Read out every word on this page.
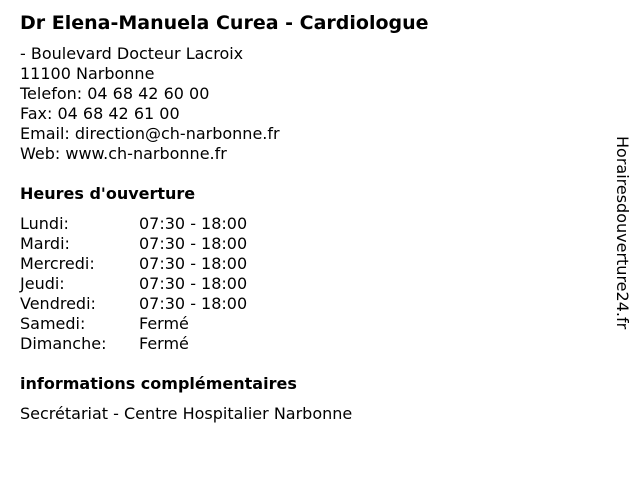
Dr Elena-Manuela Curea - Cardiologue
- Boulevard Docteur Lacroix
11100 Narbonne
Telefon: 04 68 42 60 00
Fax: 04 68 42 61 00
Email: direction@ch-narbonne.fr
Web: www.ch-narbonne.fr
Heures d'ouverture
Lundi:	07:30 - 18:00
Mardi:	07:30 - 18:00
Mercredi:	07:30 - 18:00
Jeudi:	07:30 - 18:00
Vendredi:	07:30 - 18:00
Samedi:	Fermé
Dimanche: Fermé
informations complémentaires
Secrétariat - Centre Hospitalier Narbonne
Horairesdouverture24.fr
